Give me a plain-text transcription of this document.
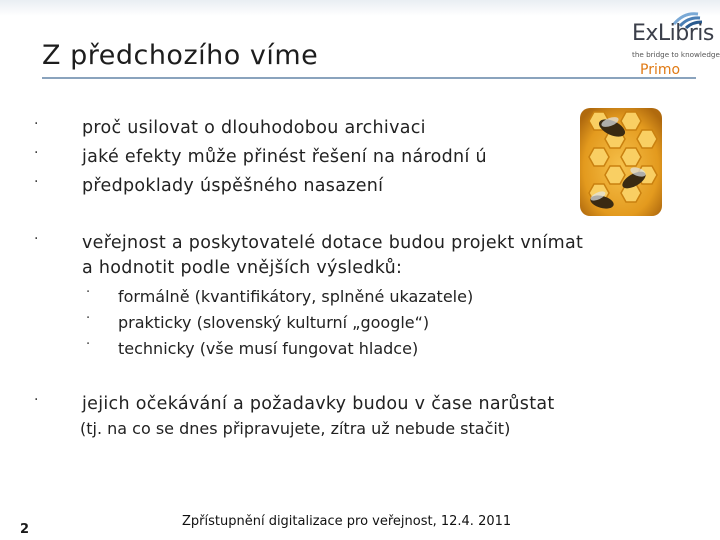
Z předchozího víme
ExLibris
the bridge to knowledge
Primo
· proč usilovat o dlouhodobou archivaci
· jaké efekty může přinést řešení na národní ú
· předpoklady úspěšného nasazení
· veřejnost a poskytovatelé dotace budou projekt vnímat
a hodnotit podle vnějších výsledků:
· formálně (kvantifikátory, splněné ukazatele)
· prakticky (slovenský kulturní „google“)
· technicky (vše musí fungovat hladce)
· jejich očekávání a požadavky budou v čase narůstat
(tj. na co se dnes připravujete, zítra už nebude stačit)
2
Zpřístupnění digitalizace pro veřejnost, 12.4. 2011
